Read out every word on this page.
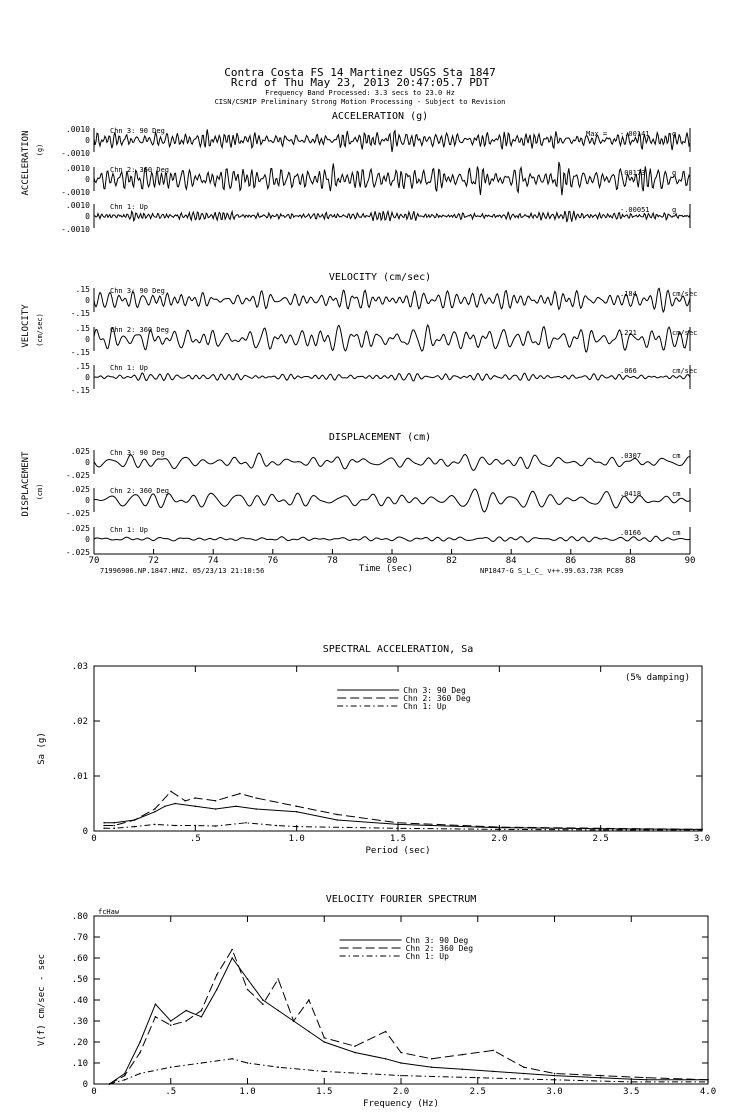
Contra Costa FS 14 Martinez USGS Sta 1847
Rcrd of Thu May 23, 2013 20:47:05.7 PDT
Frequency Band Processed: 3.3 secs to 23.0 Hz
CISN/CSMIP Preliminary Strong Motion Processing - Subject to Revision
ACCELERATION (g)
VELOCITY (cm/sec)
DISPLACEMENT (cm)
ACCELERATION (g)
VELOCITY (cm/sec)
DISPLACEMENT (cm)
.0010
0
-.0010
Chn 3: 90 Deg	Max = -.00141	g
.0010
0
-.0010
Chn 2: 360 Deg	.00173	g
.0010
0
-.0010
Chn 1: Up	-.00051	g
.15
0
-.15
Chn 3: 90 Deg	.184	cm/sec
.15
0
-.15
Chn 2: 360 Deg	.221	cm/sec
.15
0
-.15
Chn 1: Up	.066	cm/sec
.025
0
-.025
Chn 3: 90 Deg	.0307	cm
.025
0
-.025
Chn 2: 360 Deg	.0418	cm
.025
0
-.025
Chn 1: Up	.0166	cm
70	72	74	76	78	80	82	84	86	88	90
Time (sec)
71996906.NP.1847.HNZ. 05/23/13 21:10:56	NP1847-G S_L_C_ v++.99.63.73R PC89
SPECTRAL ACCELERATION, Sa
0	.5	1.0	1.5	2.0	2.5	3.0
0
.01
.02
.03
Period (sec)
Sa (g)
Chn 3: 90 Deg
Chn 2: 360 Deg
Chn 1: Up
(5% damping)
VELOCITY FOURIER SPECTRUM
0	.5	1.0	1.5	2.0	2.5	3.0	3.5	4.0
0
.10
.20
.30
.40
.50
.60
.70
.80
Frequency (Hz)
V(f) cm/sec - sec
Chn 3: 90 Deg
Chn 2: 360 Deg
Chn 1: Up
fcHaw
